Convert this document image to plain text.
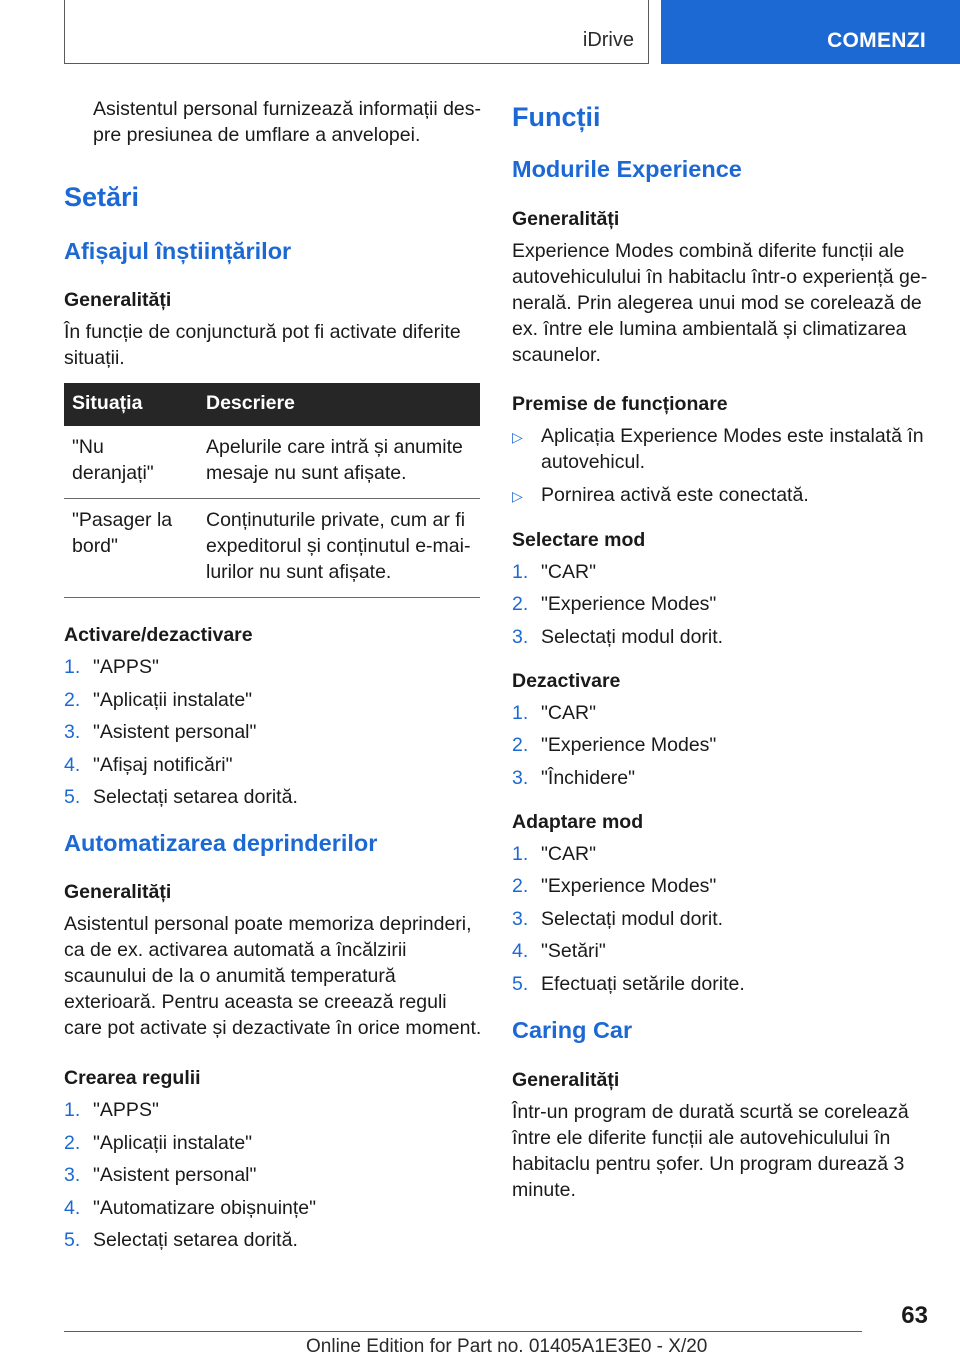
iDrive	COMENZI

Asistentul personal furnizează informații despre presiunea de umflare a anvelopei.

Setări
Afișajul înștiințărilor
Generalități

În funcție de conjunctură pot fi activate diferite situații.

Situația	Descriere
"Nu deranjați"	Apelurile care intră și anumite mesaje nu sunt afișate.
"Pasager la bord"	Conținuturile private, cum ar fi expeditorul și conținutul e-mailurilor nu sunt afișate.
Activare/dezactivare
1. "APPS"
2. "Aplicații instalate"
3. "Asistent personal"
4. "Afișaj notificări"
5. Selectați setarea dorită.
Automatizarea deprinderilor
Generalități

Asistentul personal poate memoriza deprinderi, ca de ex. activarea automată a încălzirii scaunului de la o anumită temperatură exterioară. Pentru aceasta se creează reguli care pot activate și dezactivate în orice moment.

Crearea regulii
1. "APPS"
2. "Aplicații instalate"
3. "Asistent personal"
4. "Automatizare obișnuințe"
5. Selectați setarea dorită.
Funcții
Modurile Experience
Generalități

Experience Modes combină diferite funcții ale autovehiculului în habitaclu într-o experiență generală. Prin alegerea unui mod se corelează de ex. între ele lumina ambientală și climatizarea scaunelor.

Premise de funcționare
▷ Aplicația Experience Modes este instalată în autovehicul.
▷ Pornirea activă este conectată.
Selectare mod
1. "CAR"
2. "Experience Modes"
3. Selectați modul dorit.
Dezactivare
1. "CAR"
2. "Experience Modes"
3. "Închidere"
Adaptare mod
1. "CAR"
2. "Experience Modes"
3. Selectați modul dorit.
4. "Setări"
5. Efectuați setările dorite.
Caring Car
Generalități

Într-un program de durată scurtă se corelează între ele diferite funcții ale autovehiculului în habitaclu pentru șofer. Un program durează 3 minute.

63
Online Edition for Part no. 01405A1E3E0 - X/20
